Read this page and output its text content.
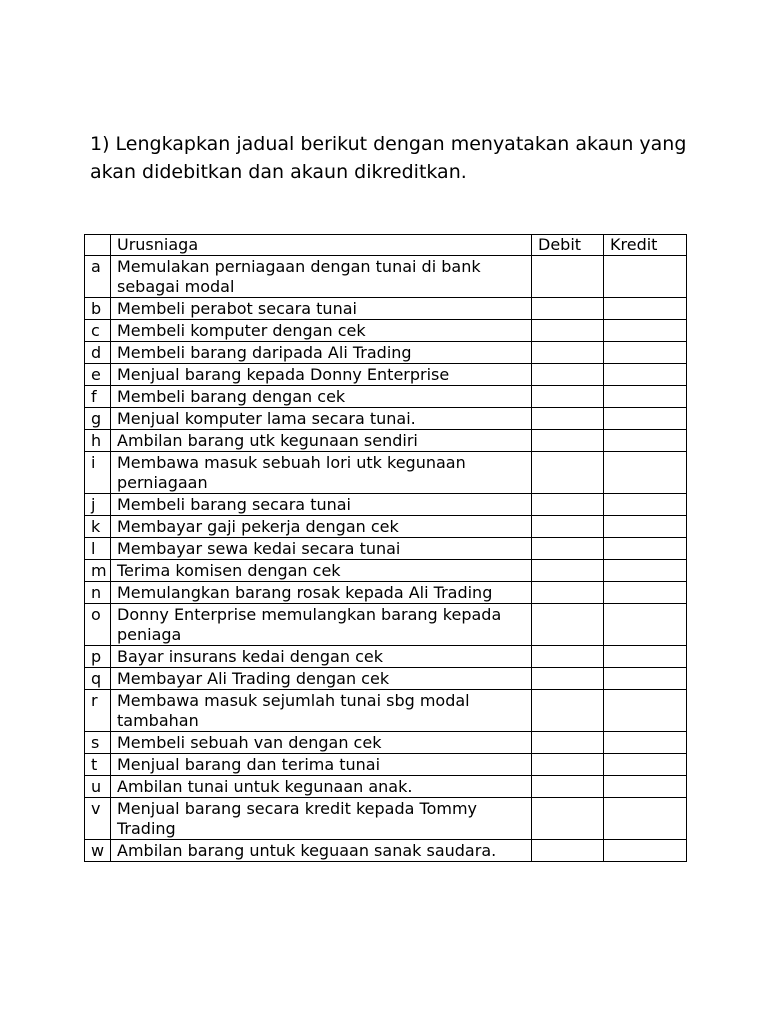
1) Lengkapkan jadual berikut dengan menyatakan akaun yang akan didebitkan dan akaun dikreditkan.

	Urusniaga	Debit	Kredit
a	Memulakan perniagaan dengan tunai di bank sebagai modal		
b	Membeli perabot secara tunai		
c	Membeli komputer dengan cek		
d	Membeli barang daripada Ali Trading		
e	Menjual barang kepada Donny Enterprise		
f	Membeli barang dengan cek		
g	Menjual komputer lama secara tunai.		
h	Ambilan barang utk kegunaan sendiri		
i	Membawa masuk sebuah lori utk kegunaan perniagaan		
j	Membeli barang secara tunai		
k	Membayar gaji pekerja dengan cek		
l	Membayar sewa kedai secara tunai		
m	Terima komisen dengan cek		
n	Memulangkan barang rosak kepada Ali Trading		
o	Donny Enterprise memulangkan barang kepada peniaga		
p	Bayar insurans kedai dengan cek		
q	Membayar Ali Trading dengan cek		
r	Membawa masuk sejumlah tunai sbg modal tambahan		
s	Membeli sebuah van dengan cek		
t	Menjual barang dan terima tunai		
u	Ambilan tunai untuk kegunaan anak.		
v	Menjual barang secara kredit kepada Tommy Trading		
w	Ambilan barang untuk keguaan sanak saudara.		
